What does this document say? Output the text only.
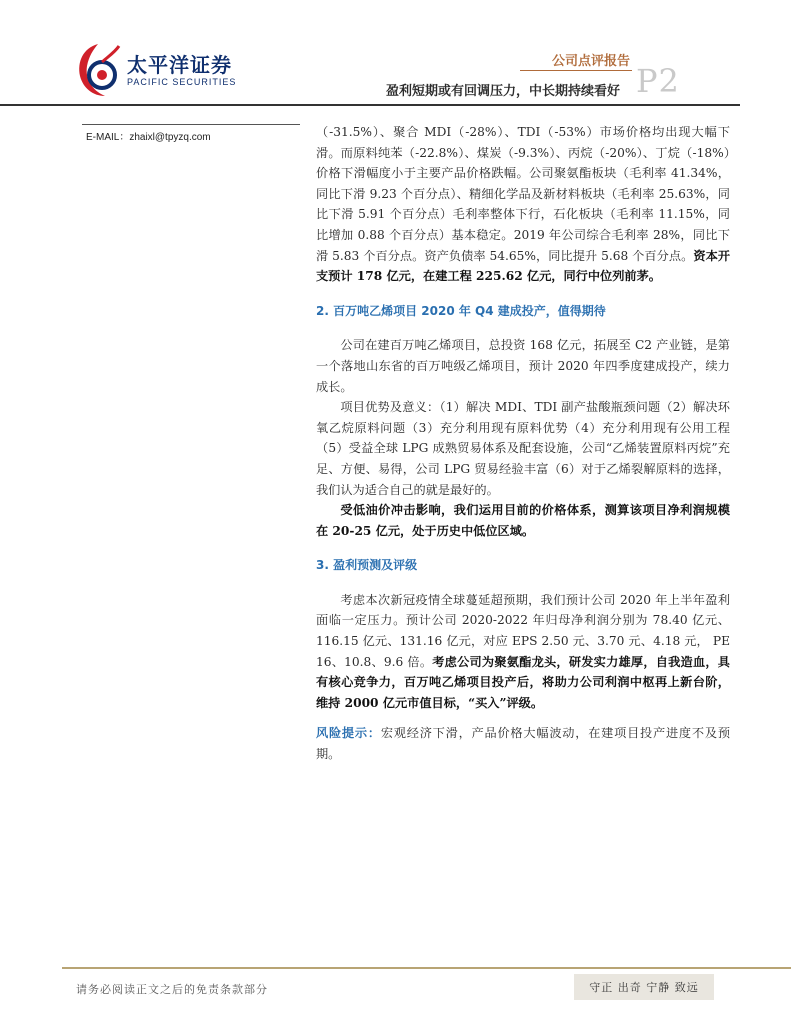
太平洋证券
PACIFIC SECURITIES
公司点评报告
P2
盈利短期或有回调压力，中长期持续看好
E-MAIL：zhaixl@tpyzq.com	（-31.5%）、聚合 MDI（-28%）、TDI（-53%）市场价格均出现大幅下滑。而原料纯苯（-22.8%）、煤炭（-9.3%）、丙烷（-20%）、丁烷（-18%）价格下滑幅度小于主要产品价格跌幅。公司聚氨酯板块（毛利率 41.34%，同比下滑 9.23 个百分点）、精细化学品及新材料板块（毛利率 25.63%，同比下滑 5.91 个百分点）毛利率整体下行，石化板块（毛利率 11.15%，同比增加 0.88 个百分点）基本稳定。2019 年公司综合毛利率 28%，同比下滑 5.83 个百分点。资产负债率 54.65%，同比提升 5.68 个百分点。资本开支预计 178 亿元，在建工程 225.62 亿元，同行中位列前茅。

2. 百万吨乙烯项目 2020 年 Q4 建成投产，值得期待

公司在建百万吨乙烯项目，总投资 168 亿元，拓展至 C2 产业链，是第一个落地山东省的百万吨级乙烯项目，预计 2020 年四季度建成投产，续力成长。

项目优势及意义：（1）解决 MDI、TDI 副产盐酸瓶颈问题（2）解决环氧乙烷原料问题（3）充分利用现有原料优势（4）充分利用现有公用工程（5）受益全球 LPG 成熟贸易体系及配套设施，公司“乙烯装置原料丙烷”充足、方便、易得，公司 LPG 贸易经验丰富（6）对于乙烯裂解原料的选择，我们认为适合自己的就是最好的。

受低油价冲击影响，我们运用目前的价格体系，测算该项目净利润规模在 20-25 亿元，处于历史中低位区域。

3. 盈利预测及评级

考虑本次新冠疫情全球蔓延超预期，我们预计公司 2020 年上半年盈利面临一定压力。预计公司 2020-2022 年归母净利润分别为 78.40 亿元、116.15 亿元、131.16 亿元，对应 EPS 2.50 元、3.70 元、4.18 元， PE 16、10.8、9.6 倍。考虑公司为聚氨酯龙头，研发实力雄厚，自我造血，具有核心竞争力，百万吨乙烯项目投产后，将助力公司利润中枢再上新台阶，维持 2000 亿元市值目标，“买入”评级。

风险提示：宏观经济下滑，产品价格大幅波动，在建项目投产进度不及预期。

请务必阅读正文之后的免责条款部分	守正 出奇 宁静 致远
